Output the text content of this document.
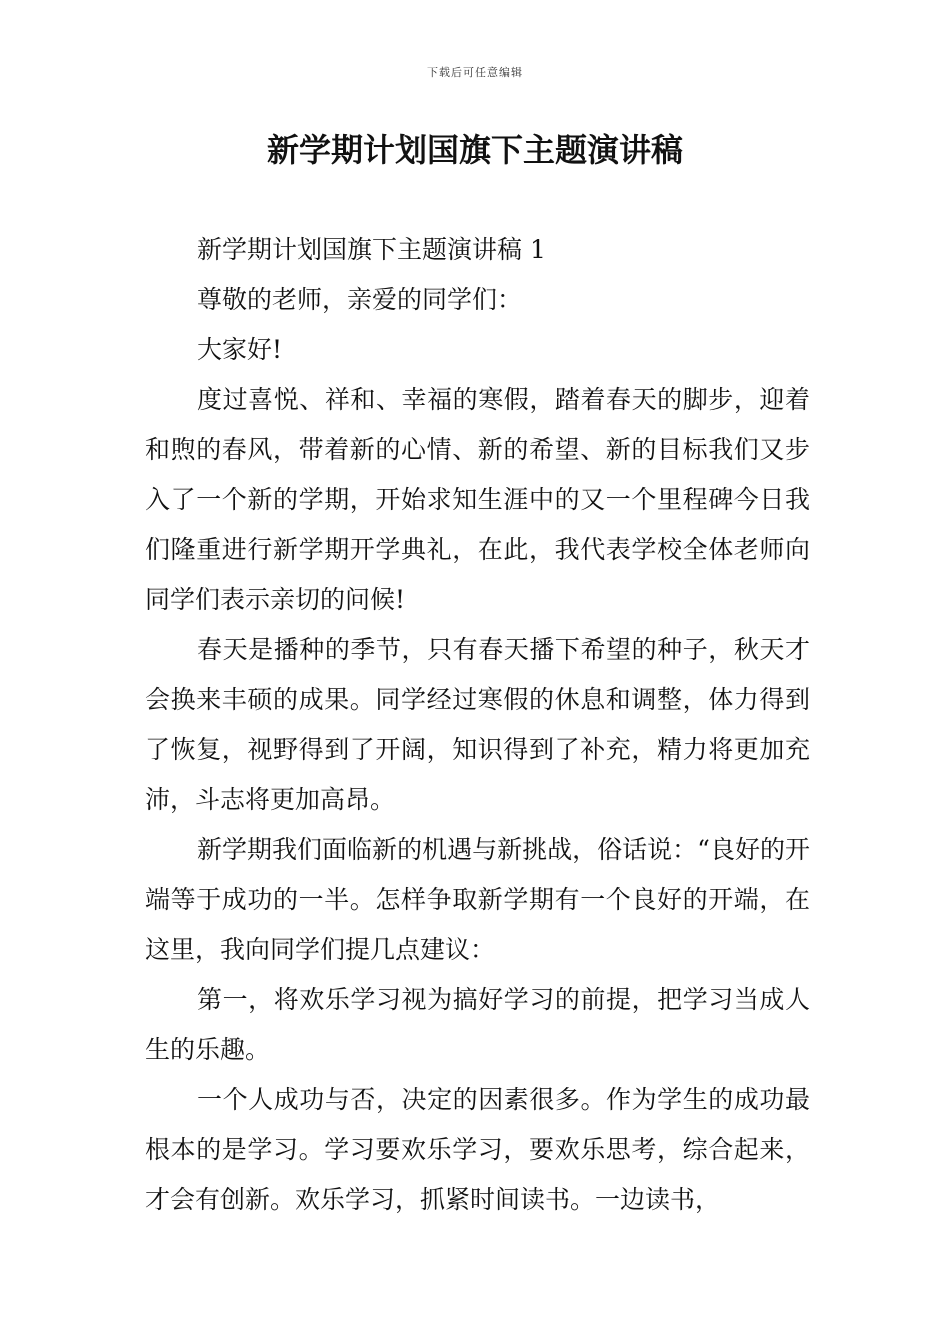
下载后可任意编辑
新学期计划国旗下主题演讲稿

新学期计划国旗下主题演讲稿 1

尊敬的老师，亲爱的同学们：

大家好!

度过喜悦、祥和、幸福的寒假，踏着春天的脚步，迎着和煦的春风，带着新的心情、新的希望、新的目标我们又步入了一个新的学期，开始求知生涯中的又一个里程碑今日我们隆重进行新学期开学典礼，在此，我代表学校全体老师向同学们表示亲切的问候!

春天是播种的季节，只有春天播下希望的种子，秋天才会换来丰硕的成果。同学经过寒假的休息和调整，体力得到了恢复，视野得到了开阔，知识得到了补充，精力将更加充沛，斗志将更加高昂。

新学期我们面临新的机遇与新挑战，俗话说：“良好的开端等于成功的一半。怎样争取新学期有一个良好的开端，在这里，我向同学们提几点建议：

第一，将欢乐学习视为搞好学习的前提，把学习当成人生的乐趣。

一个人成功与否，决定的因素很多。作为学生的成功最根本的是学习。学习要欢乐学习，要欢乐思考，综合起来，才会有创新。欢乐学习，抓紧时间读书。一边读书，
